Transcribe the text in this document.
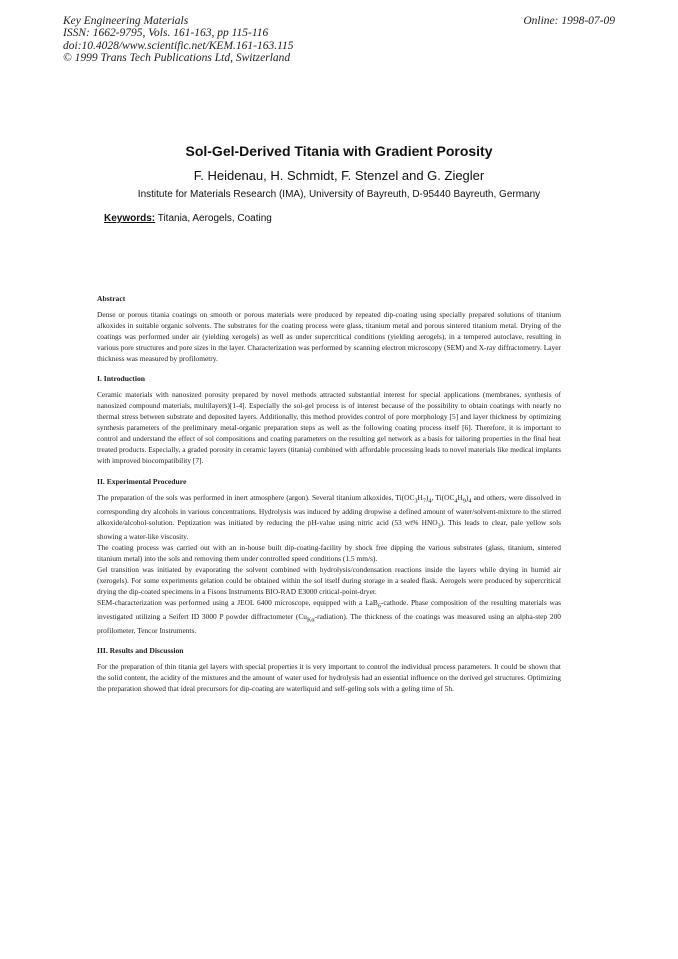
Key Engineering Materials
ISSN: 1662-9795, Vols. 161-163, pp 115-116
doi:10.4028/www.scientific.net/KEM.161-163.115
© 1999 Trans Tech Publications Ltd, Switzerland
Online: 1998-07-09
Sol-Gel-Derived Titania with Gradient Porosity
F. Heidenau, H. Schmidt, F. Stenzel and G. Ziegler
Institute for Materials Research (IMA), University of Bayreuth, D-95440 Bayreuth, Germany
Keywords: Titania, Aerogels, Coating
Abstract

Dense or porous titania coatings on smooth or porous materials were produced by repeated dip-coating using specially prepared solutions of titanium alkoxides in suitable organic solvents. The substrates for the coating process were glass, titanium metal and porous sintered titanium metal. Drying of the coatings was performed under air (yielding xerogels) as well as under supercritical conditions (yielding aerogels), in a tempered autoclave, resulting in various pore structures and pore sizes in the layer. Characterization was performed by scanning electron microscopy (SEM) and X-ray diffractometry. Layer thickness was measured by profilometry.

I. Introduction

Ceramic materials with nanosized porosity prepared by novel methods attracted substantial interest for special applications (membranes, synthesis of nanosized compound materials, multilayers)[1-4]. Especially the sol-gel process is of interest because of the possibility to obtain coatings with nearly no thermal stress between substrate and deposited layers. Additionally, this method provides control of pore morphology [5] and layer thickness by optimizing synthesis parameters of the preliminary metal-organic preparation steps as well as the following coating process itself [6]. Therefore, it is important to control and understand the effect of sol compositions and coating parameters on the resulting gel network as a basis for tailoring properties in the final heat treated products. Especially, a graded porosity in ceramic layers (titania) combined with affordable processing leads to novel materials like medical implants with improved biocompatibility [7].

II. Experimental Procedure

The preparation of the sols was performed in inert atmosphere (argon). Several titanium alkoxides, $Ti(OC_3H_7)_4$, $Ti(OC_4H_9)_4$ and others, were dissolved in corresponding dry alcohols in various concentrations. Hydrolysis was induced by adding dropwise a defined amount of water/solvent-mixture to the stirred alkoxide/alcohol-solution. Peptization was initiated by reducing the pH-value using nitric acid (53 wt% $HNO_3$). This leads to clear, pale yellow sols showing a water-like viscosity.

The coating process was carried out with an in-house built dip-coating-facility by shock free dipping the various substrates (glass, titanium, sintered titanium metal) into the sols and removing them under controlled speed conditions (1.5 mm/s).

Gel transition was initiated by evaporating the solvent combined with hydrolysis/condensation reactions inside the layers while drying in humid air (xerogels). For some experiments gelation could be obtained within the sol itself during storage in a sealed flask. Aerogels were produced by supercritical drying the dip-coated specimens in a Fisons Instruments BIO-RAD E3000 critical-point-dryer.

SEM-characterization was performed using a JEOL 6400 microscope, equipped with a LaB$_6$-cathode. Phase composition of the resulting materials was investigated utilizing a Seifert ID 3000 P powder diffractometer $(Cu_{K\alpha}-radiation)$. The thickness of the coatings was measured using an alpha-step 200 profilometer, Tencor Instruments.

III. Results and Discussion

For the preparation of thin titania gel layers with special properties it is very important to control the individual process parameters. It could be shown that the solid content, the acidity of the mixtures and the amount of water used for hydrolysis had an essential influence on the derived gel structures. Optimizing the preparation showed that ideal precursors for dip-coating are waterliquid and self-geling sols with a geling time of 5h.
